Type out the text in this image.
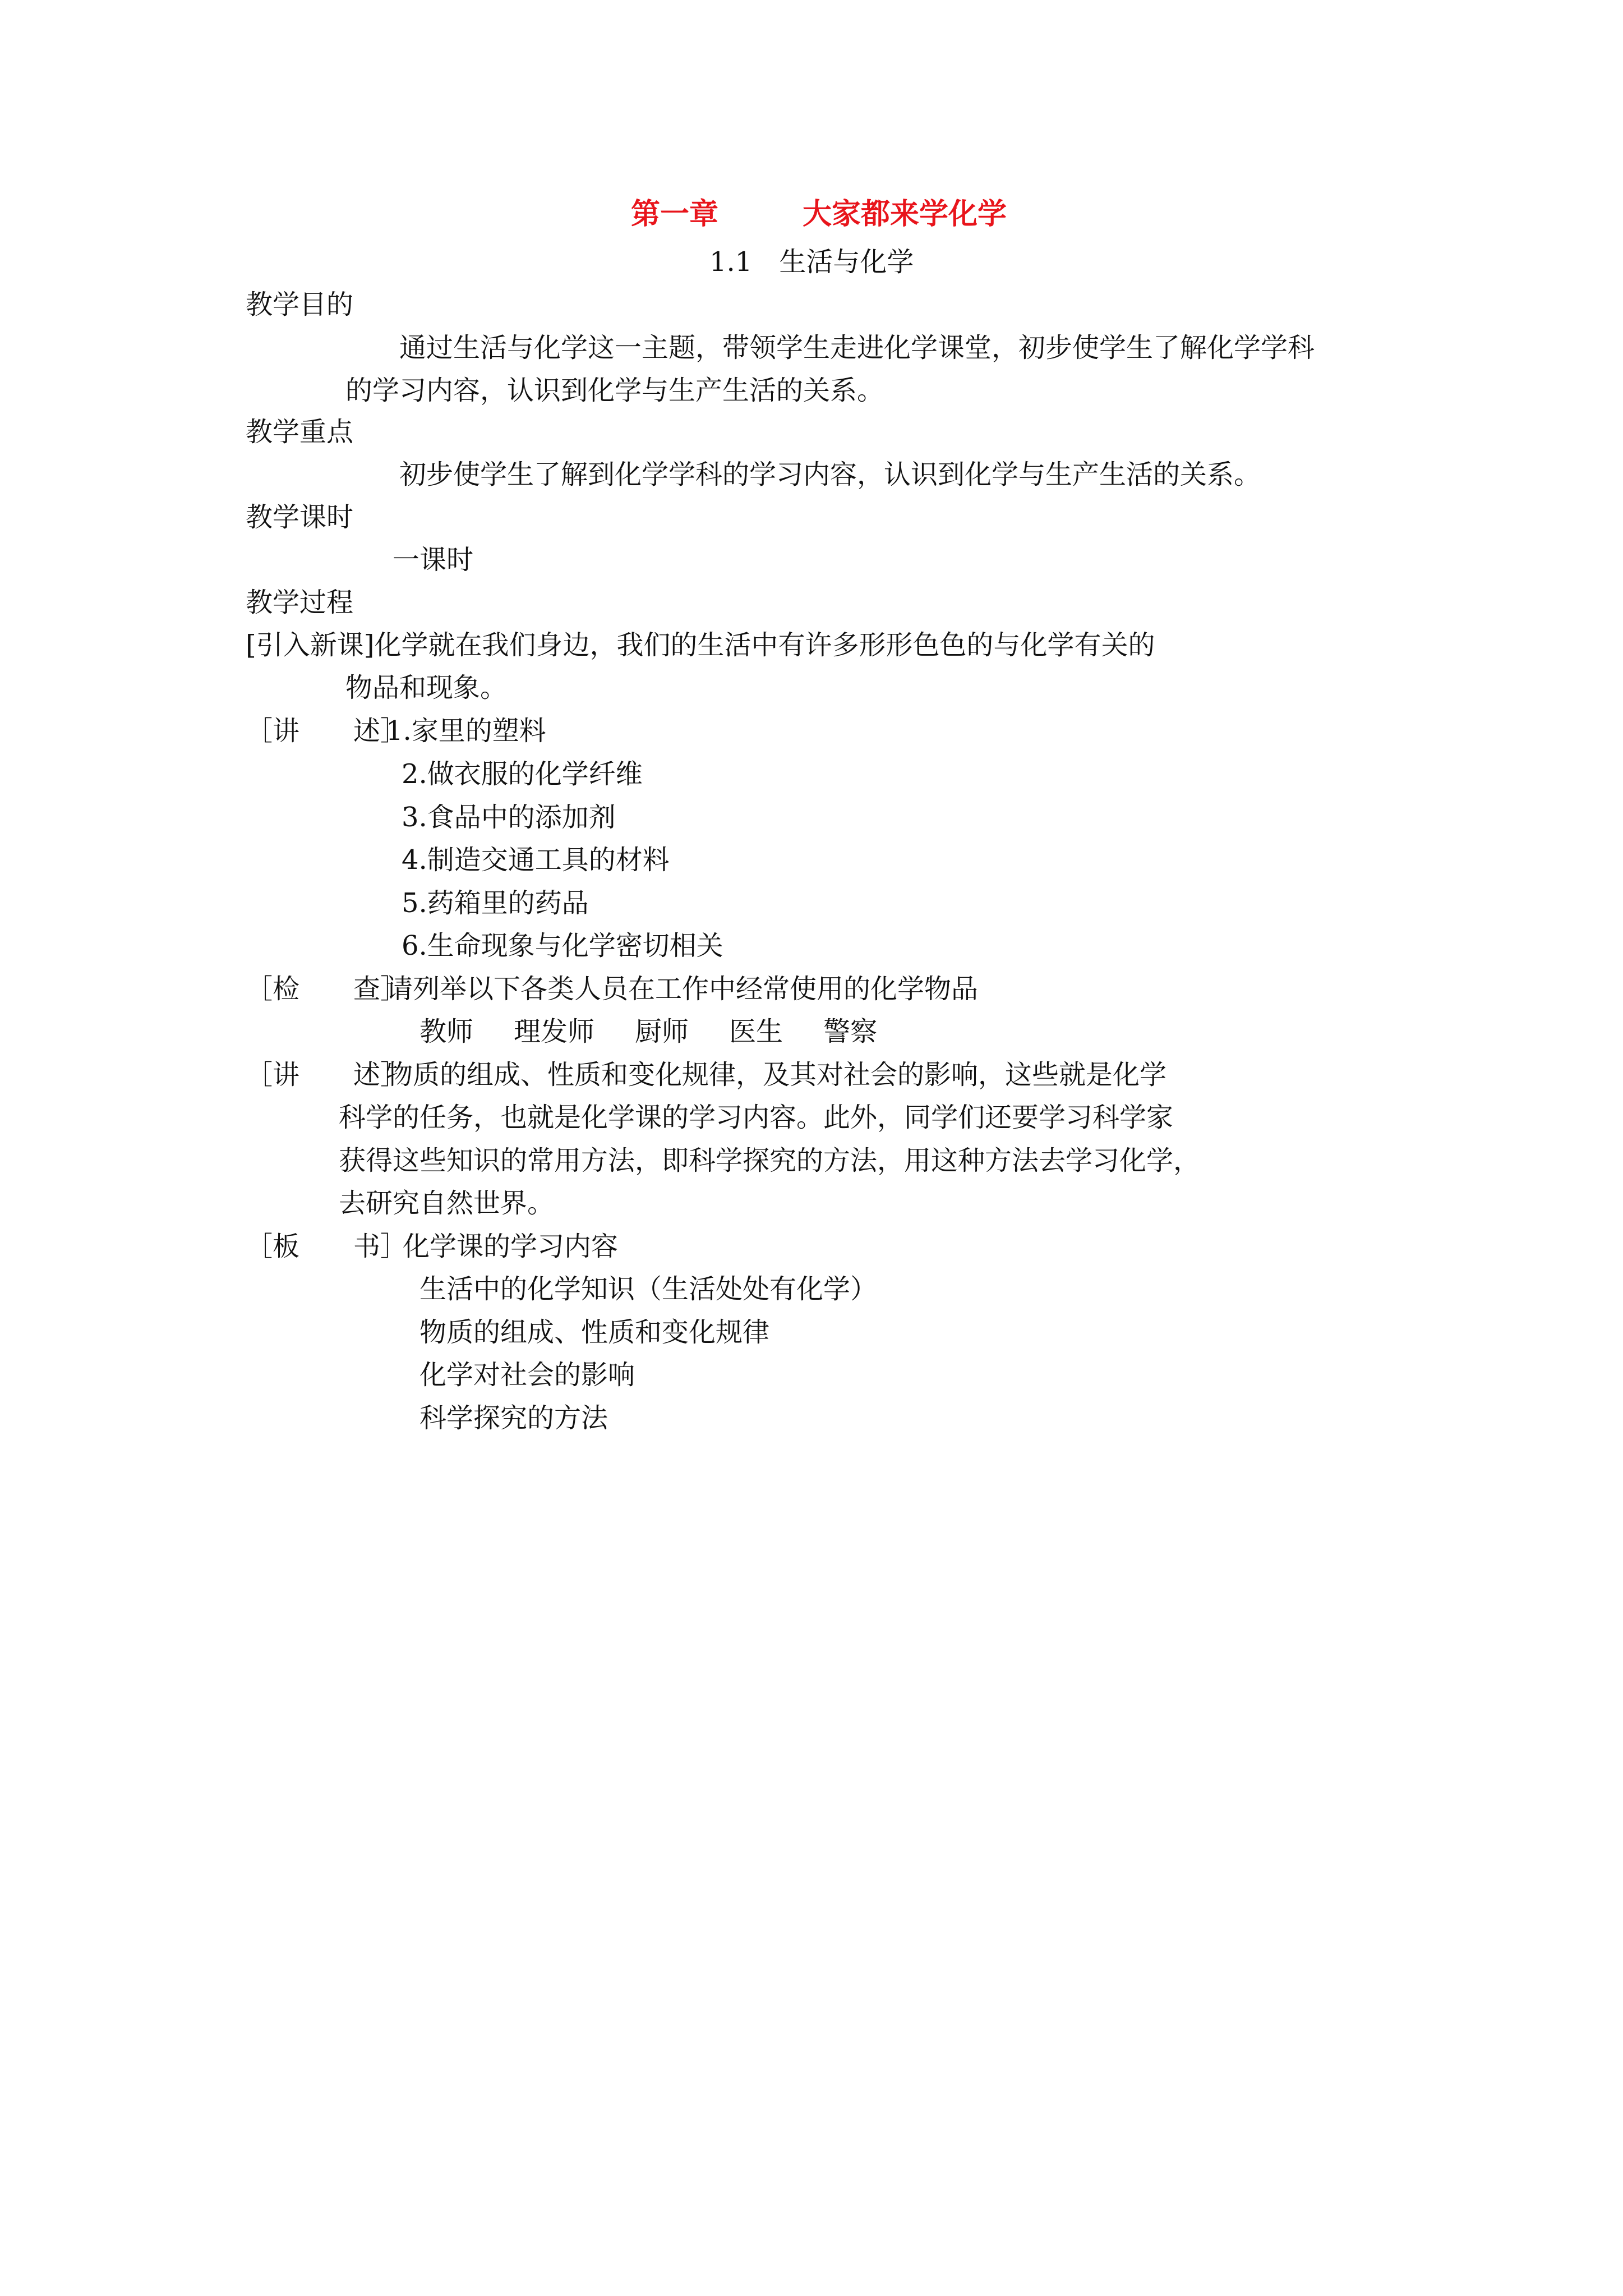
第一章	大家都来学化学

1.1　生活与化学

教学目的

通过生活与化学这一主题，带领学生走进化学课堂，初步使学生了解化学学科

的学习内容，认识到化学与生产生活的关系。

教学重点

初步使学生了解到化学学科的学习内容，认识到化学与生产生活的关系。

教学课时

一课时

教学过程

[引入新课]化学就在我们身边，我们的生活中有许多形形色色的与化学有关的

物品和现象。

［讲　　述］1.家里的塑料

2.做衣服的化学纤维

3.食品中的添加剂

4.制造交通工具的材料

5.药箱里的药品

6.生命现象与化学密切相关

［检　　查］请列举以下各类人员在工作中经常使用的化学物品

教师 理发师 厨师 医生 警察

［讲　　述］物质的组成、性质和变化规律，及其对社会的影响，这些就是化学

科学的任务，也就是化学课的学习内容。此外，同学们还要学习科学家

获得这些知识的常用方法，即科学探究的方法，用这种方法去学习化学，

去研究自然世界。

［板　　书］化学课的学习内容

生活中的化学知识（生活处处有化学）

物质的组成、性质和变化规律

化学对社会的影响

科学探究的方法
